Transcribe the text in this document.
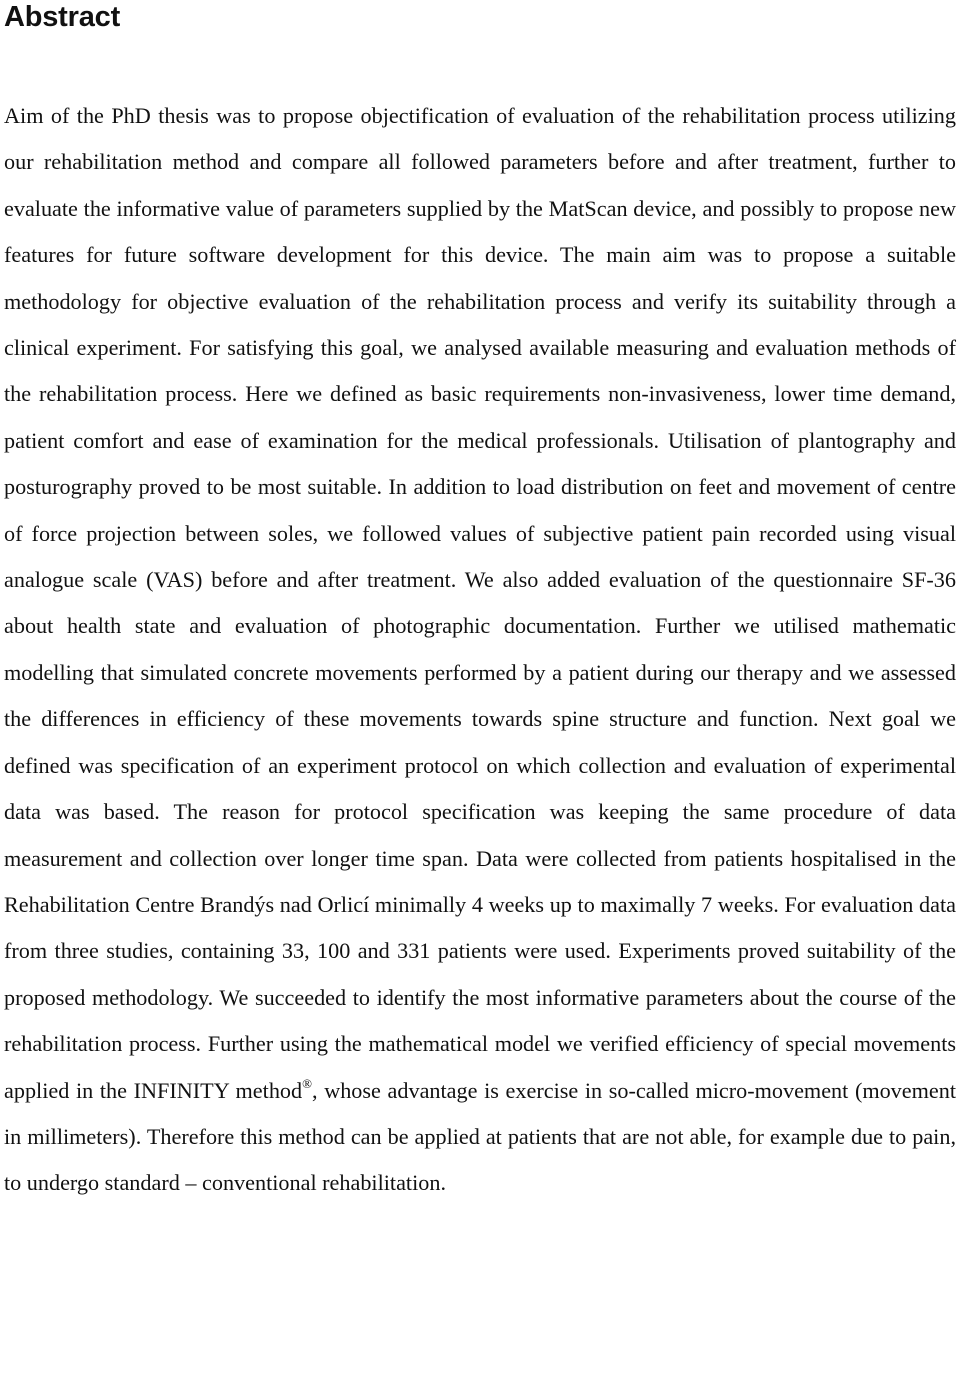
Abstract

Aim of the PhD thesis was to propose objectification of evaluation of the rehabilitation process utilizing our rehabilitation method and compare all followed parameters before and after treatment, further to evaluate the informative value of parameters supplied by the MatScan device, and possibly to propose new features for future software development for this device. The main aim was to propose a suitable methodology for objective evaluation of the rehabilitation process and verify its suitability through a clinical experiment. For satisfying this goal, we analysed available measuring and evaluation methods of the rehabilitation process. Here we defined as basic requirements non-invasiveness, lower time demand, patient comfort and ease of examination for the medical professionals. Utilisation of plantography and posturography proved to be most suitable. In addition to load distribution on feet and movement of centre of force projection between soles, we followed values of subjective patient pain recorded using visual analogue scale (VAS) before and after treatment. We also added evaluation of the questionnaire SF-36 about health state and evaluation of photographic documentation. Further we utilised mathematic modelling that simulated concrete movements performed by a patient during our therapy and we assessed the differences in efficiency of these movements towards spine structure and function. Next goal we defined was specification of an experiment protocol on which collection and evaluation of experimental data was based. The reason for protocol specification was keeping the same procedure of data measurement and collection over longer time span. Data were collected from patients hospitalised in the Rehabilitation Centre Brandýs nad Orlicí minimally 4 weeks up to maximally 7 weeks. For evaluation data from three studies, containing 33, 100 and 331 patients were used. Experiments proved suitability of the proposed methodology. We succeeded to identify the most informative parameters about the course of the rehabilitation process. Further using the mathematical model we verified efficiency of special movements applied in the INFINITY method®, whose advantage is exercise in so-called micro-movement (movement in millimeters). Therefore this method can be applied at patients that are not able, for example due to pain, to undergo standard – conventional rehabilitation.
